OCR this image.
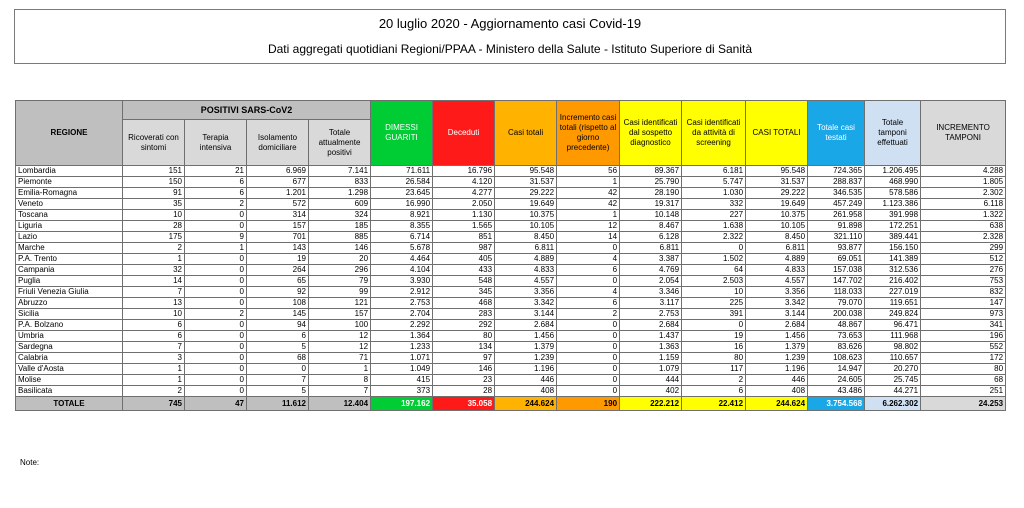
20 luglio 2020 - Aggiornamento casi Covid-19
Dati aggregati quotidiani Regioni/PPAA - Ministero della Salute - Istituto Superiore di Sanità
REGIONE	POSITIVI SARS-CoV2				DIMESSI GUARITI	Deceduti	Casi totali	Incremento casi totali (rispetto al giorno precedente)	Casi identificati dal sospetto diagnostico	Casi identificati da attività di screening	CASI TOTALI	Totale casi testati	Totale tamponi effettuati	INCREMENTO TAMPONI
	Ricoverati con sintomi	Terapia intensiva	Isolamento domiciliare	Totale attualmente positivi										
Lombardia	151	21	6.969	7.141	71.611	16.796	95.548	56	89.367	6.181	95.548	724.365	1.206.495	4.288
Piemonte	150	6	677	833	26.584	4.120	31.537	1	25.790	5.747	31.537	288.837	468.990	1.805
Emilia-Romagna	91	6	1.201	1.298	23.645	4.277	29.222	42	28.190	1.030	29.222	346.535	578.586	2.302
Veneto	35	2	572	609	16.990	2.050	19.649	42	19.317	332	19.649	457.249	1.123.386	6.118
Toscana	10	0	314	324	8.921	1.130	10.375	1	10.148	227	10.375	261.958	391.998	1.322
Liguria	28	0	157	185	8.355	1.565	10.105	12	8.467	1.638	10.105	91.898	172.251	638
Lazio	175	9	701	885	6.714	851	8.450	14	6.128	2.322	8.450	321.110	389.441	2.328
Marche	2	1	143	146	5.678	987	6.811	0	6.811	0	6.811	93.877	156.150	299
P.A. Trento	1	0	19	20	4.464	405	4.889	4	3.387	1.502	4.889	69.051	141.389	512
Campania	32	0	264	296	4.104	433	4.833	6	4.769	64	4.833	157.038	312.536	276
Puglia	14	0	65	79	3.930	548	4.557	0	2.054	2.503	4.557	147.702	216.402	753
Friuli Venezia Giulia	7	0	92	99	2.912	345	3.356	4	3.346	10	3.356	118.033	227.019	832
Abruzzo	13	0	108	121	2.753	468	3.342	6	3.117	225	3.342	79.070	119.651	147
Sicilia	10	2	145	157	2.704	283	3.144	2	2.753	391	3.144	200.038	249.824	973
P.A. Bolzano	6	0	94	100	2.292	292	2.684	0	2.684	0	2.684	48.867	96.471	341
Umbria	6	0	6	12	1.364	80	1.456	0	1.437	19	1.456	73.653	111.968	196
Sardegna	7	0	5	12	1.233	134	1.379	0	1.363	16	1.379	83.626	98.802	552
Calabria	3	0	68	71	1.071	97	1.239	0	1.159	80	1.239	108.623	110.657	172
Valle d'Aosta	1	0	0	1	1.049	146	1.196	0	1.079	117	1.196	14.947	20.270	80
Molise	1	0	7	8	415	23	446	0	444	2	446	24.605	25.745	68
Basilicata	2	0	5	7	373	28	408	0	402	6	408	43.486	44.271	251
TOTALE	745	47	11.612	12.404	197.162	35.058	244.624	190	222.212	22.412	244.624	3.754.568	6.262.302	24.253
Note:
